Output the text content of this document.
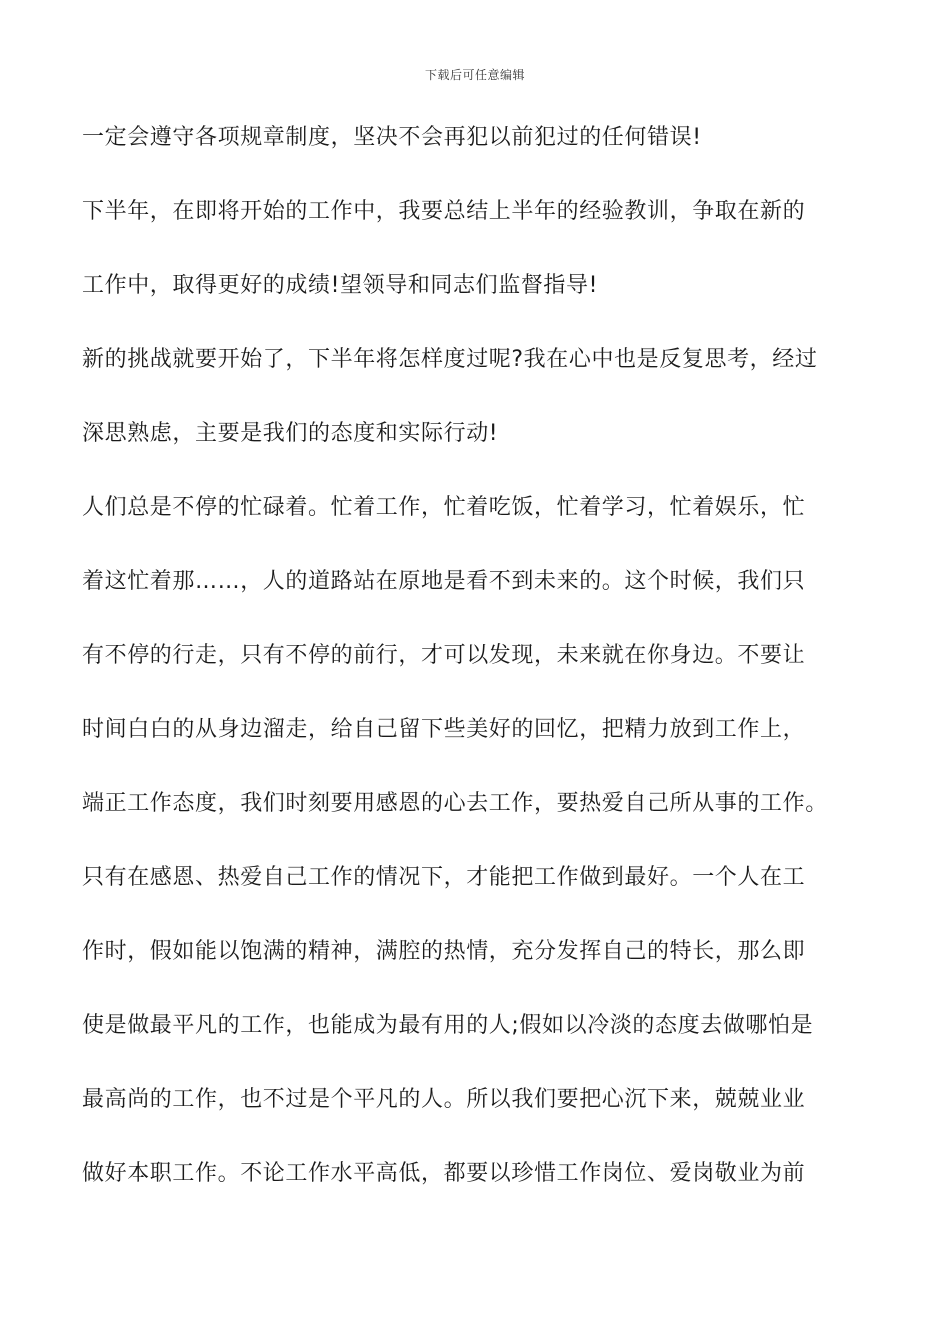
下载后可任意编辑
一定会遵守各项规章制度，坚决不会再犯以前犯过的任何错误!
下半年，在即将开始的工作中，我要总结上半年的经验教训，争取在新的
工作中，取得更好的成绩!望领导和同志们监督指导!
新的挑战就要开始了，下半年将怎样度过呢?我在心中也是反复思考，经过
深思熟虑，主要是我们的态度和实际行动!
人们总是不停的忙碌着。忙着工作，忙着吃饭，忙着学习，忙着娱乐，忙
着这忙着那……，人的道路站在原地是看不到未来的。这个时候，我们只
有不停的行走，只有不停的前行，才可以发现，未来就在你身边。不要让
时间白白的从身边溜走，给自己留下些美好的回忆，把精力放到工作上，
端正工作态度，我们时刻要用感恩的心去工作，要热爱自己所从事的工作。
只有在感恩、热爱自己工作的情况下，才能把工作做到最好。一个人在工
作时，假如能以饱满的精神，满腔的热情，充分发挥自己的特长，那么即
使是做最平凡的工作，也能成为最有用的人;假如以冷淡的态度去做哪怕是
最高尚的工作，也不过是个平凡的人。所以我们要把心沉下来，兢兢业业
做好本职工作。不论工作水平高低，都要以珍惜工作岗位、爱岗敬业为前
